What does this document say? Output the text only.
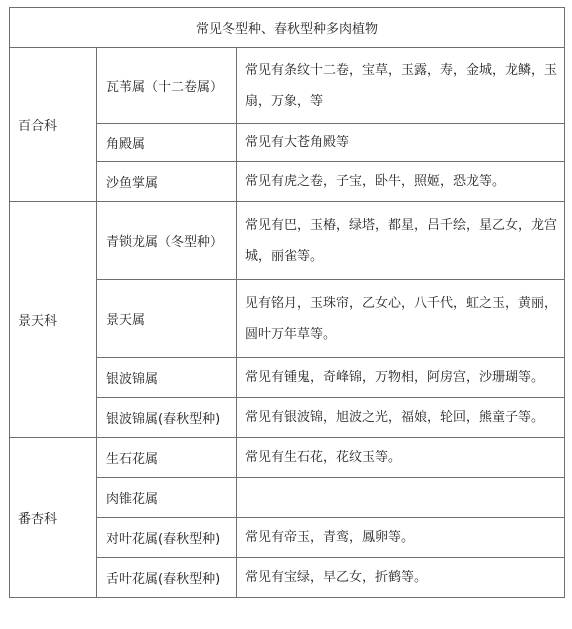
常见冬型种、春秋型种多肉植物		
百合科	瓦苇属（十二卷属）	常见有条纹十二卷，宝草，玉露，寿，金城，龙鳞，玉扇，万象，等
	角殿属	常见有大苍角殿等
	沙鱼掌属	常见有虎之卷，子宝，卧牛，照姬，恐龙等。
景天科	青锁龙属（冬型种）	常见有巴，玉椿，绿塔，都星，吕千绘，星乙女，龙宫城，丽雀等。
	景天属	见有铭月，玉珠帘，乙女心，八千代，虹之玉，黄丽，圆叶万年草等。
	银波锦属	常见有锺鬼，奇峰锦，万物相，阿房宫，沙珊瑚等。
	银波锦属(春秋型种)	常见有银波锦，旭波之光，福娘，轮回，熊童子等。
番杏科	生石花属	常见有生石花，花纹玉等。
	肉锥花属	
	对叶花属(春秋型种)	常见有帝玉，青鸾，鳳卵等。
	舌叶花属(春秋型种)	常见有宝绿，早乙女，折鹤等。
